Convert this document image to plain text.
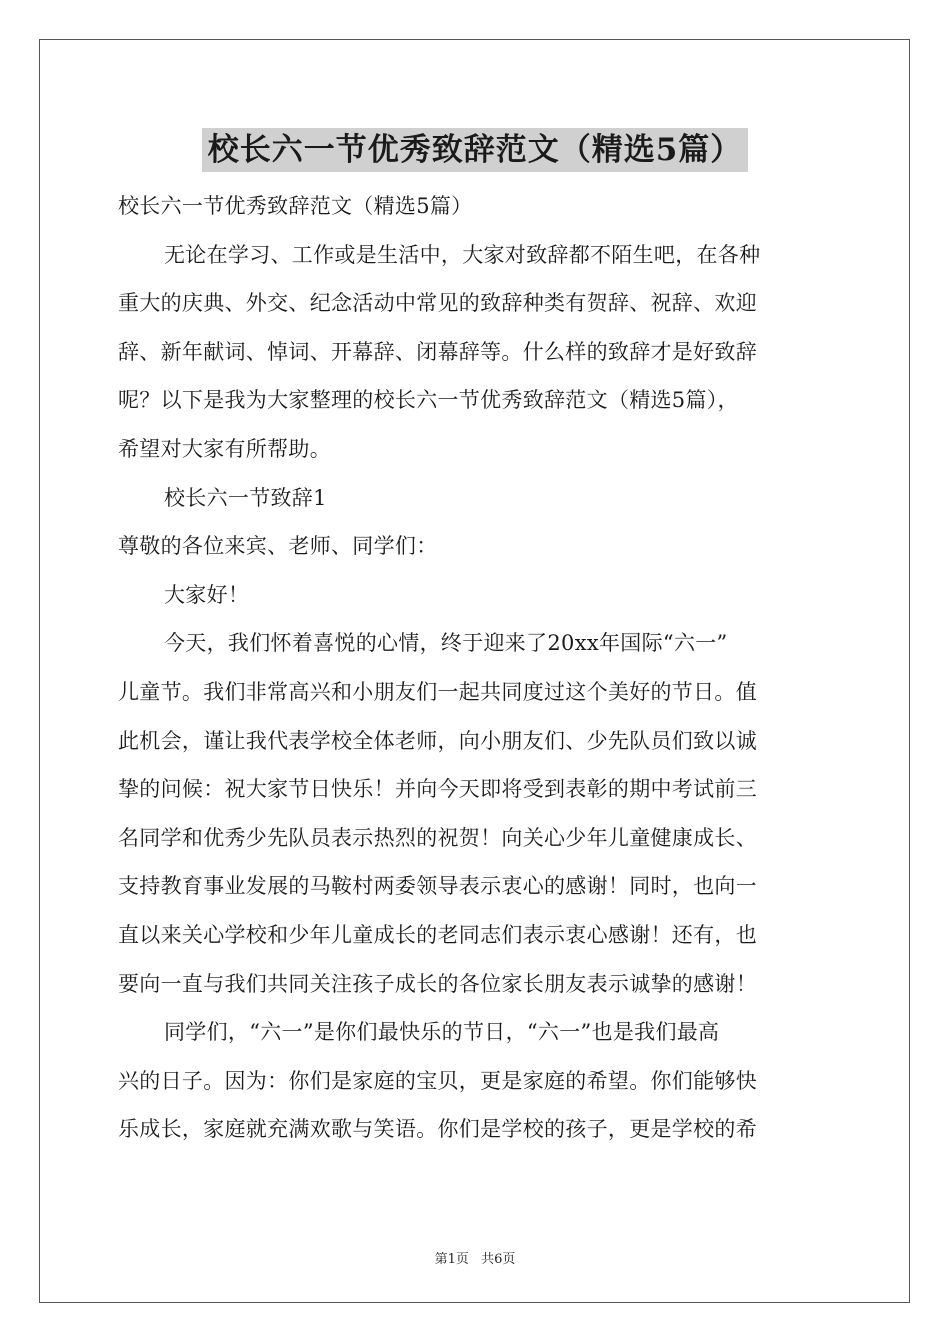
校长六一节优秀致辞范文（精选5篇）
校长六一节优秀致辞范文（精选5篇）
无论在学习、工作或是生活中，大家对致辞都不陌生吧，在各种
重大的庆典、外交、纪念活动中常见的致辞种类有贺辞、祝辞、欢迎
辞、新年献词、悼词、开幕辞、闭幕辞等。什么样的致辞才是好致辞
呢？以下是我为大家整理的校长六一节优秀致辞范文（精选5篇），
希望对大家有所帮助。
校长六一节致辞1
尊敬的各位来宾、老师、同学们：
大家好！
今天，我们怀着喜悦的心情，终于迎来了20xx年国际“六一”
儿童节。我们非常高兴和小朋友们一起共同度过这个美好的节日。值
此机会，谨让我代表学校全体老师，向小朋友们、少先队员们致以诚
挚的问候：祝大家节日快乐！并向今天即将受到表彰的期中考试前三
名同学和优秀少先队员表示热烈的祝贺！向关心少年儿童健康成长、
支持教育事业发展的马鞍村两委领导表示衷心的感谢！同时，也向一
直以来关心学校和少年儿童成长的老同志们表示衷心感谢！还有，也
要向一直与我们共同关注孩子成长的各位家长朋友表示诚挚的感谢！
同学们，“六一”是你们最快乐的节日，“六一”也是我们最高
兴的日子。因为：你们是家庭的宝贝，更是家庭的希望。你们能够快
乐成长，家庭就充满欢歌与笑语。你们是学校的孩子，更是学校的希
第1页 共6页
